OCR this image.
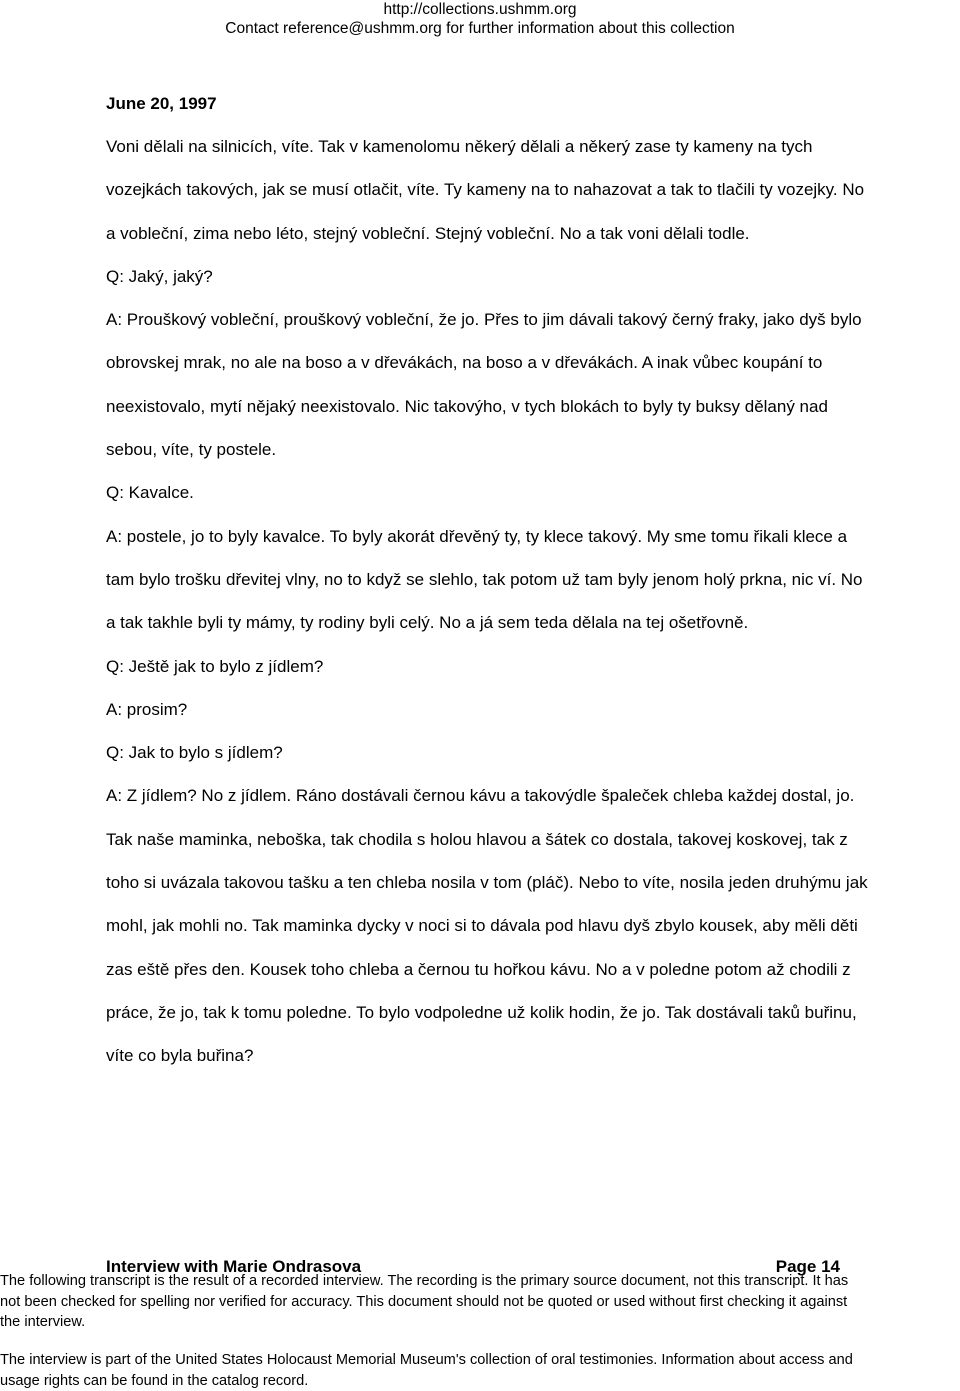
http://collections.ushmm.org
Contact reference@ushmm.org for further information about this collection
June 20, 1997

Voni dělali na silnicích, víte. Tak v kamenolomu někerý dělali a někerý zase ty kameny na tych vozejkách takových, jak se musí otlačit, víte. Ty kameny na to nahazovat a tak to tlačili ty vozejky. No a vobleční, zima nebo léto, stejný vobleční. Stejný vobleční. No a tak voni dělali todle.

Q: Jaký, jaký?

A: Prouškový vobleční, prouškový vobleční, že jo. Přes to jim dávali takový černý fraky, jako dyš bylo obrovskej mrak, no ale na boso a v dřevákách, na boso a v dřevákách. A inak vůbec koupání to neexistovalo, mytí nějaký neexistovalo. Nic takovýho, v tych blokách to byly ty buksy dělaný nad sebou, víte, ty postele.

Q: Kavalce.

A: postele, jo to byly kavalce. To byly akorát dřevěný ty, ty klece takový. My sme tomu řikali klece a tam bylo trošku dřevitej vlny, no to když se slehlo, tak potom už tam byly jenom holý prkna, nic ví. No a tak takhle byli ty mámy, ty rodiny byli celý. No a já sem teda dělala na tej ošetřovně.

Q: Ještě jak to bylo z jídlem?

A: prosim?

Q: Jak to bylo s jídlem?

A: Z jídlem? No z jídlem. Ráno dostávali černou kávu a takovýdle špaleček chleba každej dostal, jo. Tak naše maminka, neboška, tak chodila s holou hlavou a šátek co dostala, takovej koskovej, tak z toho si uvázala takovou tašku a ten chleba nosila v tom (pláč). Nebo to víte, nosila jeden druhýmu jak mohl, jak mohli no. Tak maminka dycky v noci si to dávala pod hlavu dyš zbylo kousek, aby měli děti zas eště přes den. Kousek toho chleba a černou tu hořkou kávu. No a v poledne potom až chodili z práce, že jo, tak k tomu poledne. To bylo vodpoledne už kolik hodin, že jo. Tak dostávali taků buřinu, víte co byla buřina?

Interview with Marie Ondrasova	Page 14
The following transcript is the result of a recorded interview. The recording is the primary source document, not this transcript. It has
not been checked for spelling nor verified for accuracy. This document should not be quoted or used without first checking it against
the interview.
The interview is part of the United States Holocaust Memorial Museum's collection of oral testimonies. Information about access and
usage rights can be found in the catalog record.
